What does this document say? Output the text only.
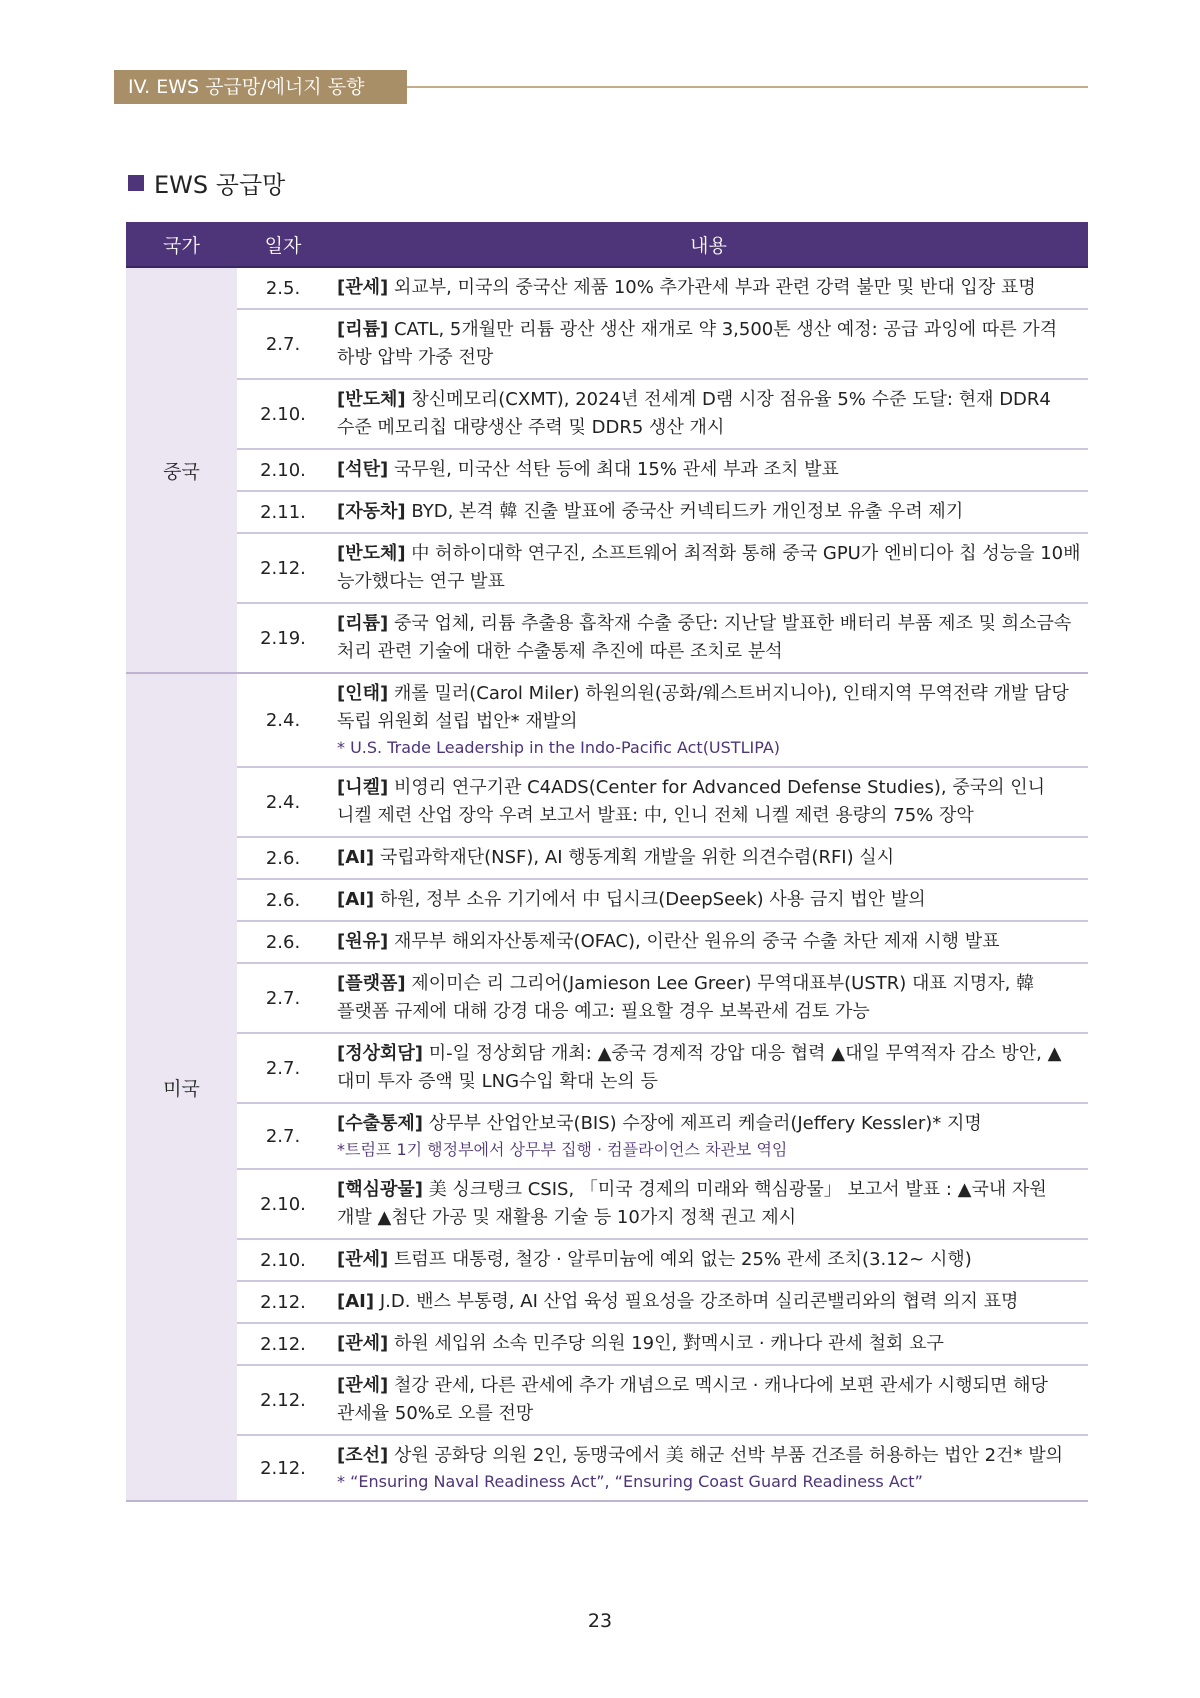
IV. EWS 공급망/에너지 동향
EWS 공급망
국가	일자	내용
중국	2.5.	[관세] 외교부, 미국의 중국산 제품 10% 추가관세 부과 관련 강력 불만 및 반대 입장 표명
	2.7.	[리튬] CATL, 5개월만 리튬 광산 생산 재개로 약 3,500톤 생산 예정: 공급 과잉에 따른 가격 하방 압박 가중 전망
	2.10.	[반도체] 창신메모리(CXMT), 2024년 전세계 D램 시장 점유율 5% 수준 도달: 현재 DDR4 수준 메모리칩 대량생산 주력 및 DDR5 생산 개시
	2.10.	[석탄] 국무원, 미국산 석탄 등에 최대 15% 관세 부과 조치 발표
	2.11.	[자동차] BYD, 본격 韓 진출 발표에 중국산 커넥티드카 개인정보 유출 우려 제기
	2.12.	[반도체] 中 허하이대학 연구진, 소프트웨어 최적화 통해 중국 GPU가 엔비디아 칩 성능을 10배 능가했다는 연구 발표
	2.19.	[리튬] 중국 업체, 리튬 추출용 흡착재 수출 중단: 지난달 발표한 배터리 부품 제조 및 희소금속 처리 관련 기술에 대한 수출통제 추진에 따른 조치로 분석
미국	2.4.	[인태] 캐롤 밀러(Carol Miler) 하원의원(공화/웨스트버지니아), 인태지역 무역전략 개발 담당 독립 위원회 설립 법안* 재발의
* U.S. Trade Leadership in the Indo-Pacific Act(USTLIPA)

	2.4.	[니켈] 비영리 연구기관 C4ADS(Center for Advanced Defense Studies), 중국의 인니 니켈 제련 산업 장악 우려 보고서 발표: 中, 인니 전체 니켈 제련 용량의 75% 장악
	2.6.	[AI] 국립과학재단(NSF), AI 행동계획 개발을 위한 의견수렴(RFI) 실시
	2.6.	[AI] 하원, 정부 소유 기기에서 中 딥시크(DeepSeek) 사용 금지 법안 발의
	2.6.	[원유] 재무부 해외자산통제국(OFAC), 이란산 원유의 중국 수출 차단 제재 시행 발표
	2.7.	[플랫폼] 제이미슨 리 그리어(Jamieson Lee Greer) 무역대표부(USTR) 대표 지명자, 韓 플랫폼 규제에 대해 강경 대응 예고: 필요할 경우 보복관세 검토 가능
	2.7.	[정상회담] 미-일 정상회담 개최: ▲중국 경제적 강압 대응 협력 ▲대일 무역적자 감소 방안, ▲대미 투자 증액 및 LNG수입 확대 논의 등
	2.7.	[수출통제] 상무부 산업안보국(BIS) 수장에 제프리 케슬러(Jeffery Kessler)* 지명
*트럼프 1기 행정부에서 상무부 집행 · 컴플라이언스 차관보 역임

	2.10.	[핵심광물] 美 싱크탱크 CSIS, 「미국 경제의 미래와 핵심광물」 보고서 발표 : ▲국내 자원 개발 ▲첨단 가공 및 재활용 기술 등 10가지 정책 권고 제시
	2.10.	[관세] 트럼프 대통령, 철강 · 알루미늄에 예외 없는 25% 관세 조치(3.12~ 시행)
	2.12.	[AI] J.D. 밴스 부통령, AI 산업 육성 필요성을 강조하며 실리콘밸리와의 협력 의지 표명
	2.12.	[관세] 하원 세입위 소속 민주당 의원 19인, 對멕시코 · 캐나다 관세 철회 요구
	2.12.	[관세] 철강 관세, 다른 관세에 추가 개념으로 멕시코 · 캐나다에 보편 관세가 시행되면 해당 관세율 50%로 오를 전망
	2.12.	[조선] 상원 공화당 의원 2인, 동맹국에서 美 해군 선박 부품 건조를 허용하는 법안 2건* 발의
* “Ensuring Naval Readiness Act”, “Ensuring Coast Guard Readiness Act”
23
